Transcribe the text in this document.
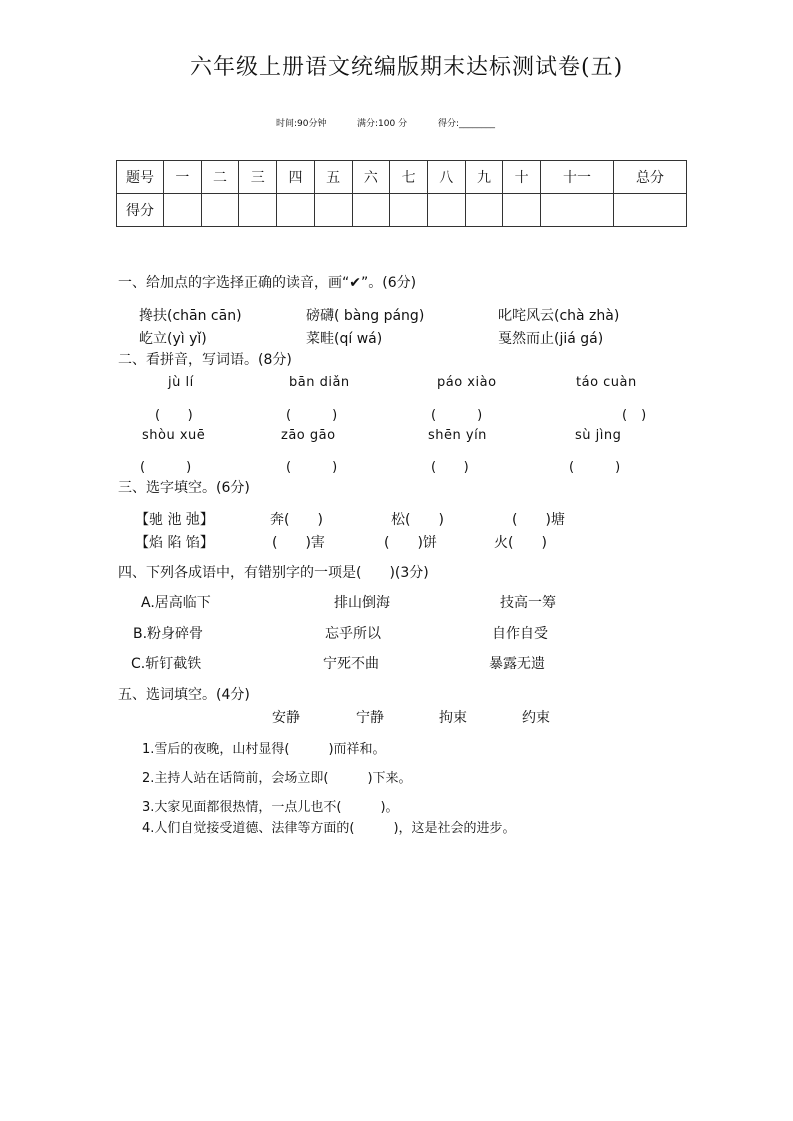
六年级上册语文统编版期末达标测试卷(五)
时间:90分钟	满分:100 分	得分:________
题号	一	二	三	四	五	六	七	八	九	十	十一	总分
得分												
一、给加点的字选择正确的读音，画“✔”。(6分)
搀扶(chān cān)	磅礴( bàng páng)	叱咤风云(chà zhà)
屹立(yì yǐ)	菜畦(qí wá)	戛然而止(jiá gá)
二、看拼音，写词语。(8分)
jù lí	bān diǎn	páo xiào	táo cuàn
(　　)	(　　　)	(　　　)	(　)
shòu xuē	zāo gāo	shēn yín	sù jìng
(　　　)	(　　　)	(　　)	(　　　)
三、选字填空。(6分)
【驰 池 弛】	奔(　　)	松(　　)	(　　)塘
【焰 陷 馅】	(　　)害	(　　)饼	火(　　)
四、下列各成语中，有错别字的一项是(　　)(3分)
A.居高临下	排山倒海	技高一筹
B.粉身碎骨	忘乎所以	自作自受
C.斩钉截铁	宁死不曲	暴露无遗
五、选词填空。(4分)
安静	宁静	拘束	约束
1.雪后的夜晚，山村显得(　　　)而祥和。
2.主持人站在话筒前，会场立即(　　　)下来。
3.大家见面都很热情，一点儿也不(　　　)。
4.人们自觉接受道德、法律等方面的(　　　)，这是社会的进步。
